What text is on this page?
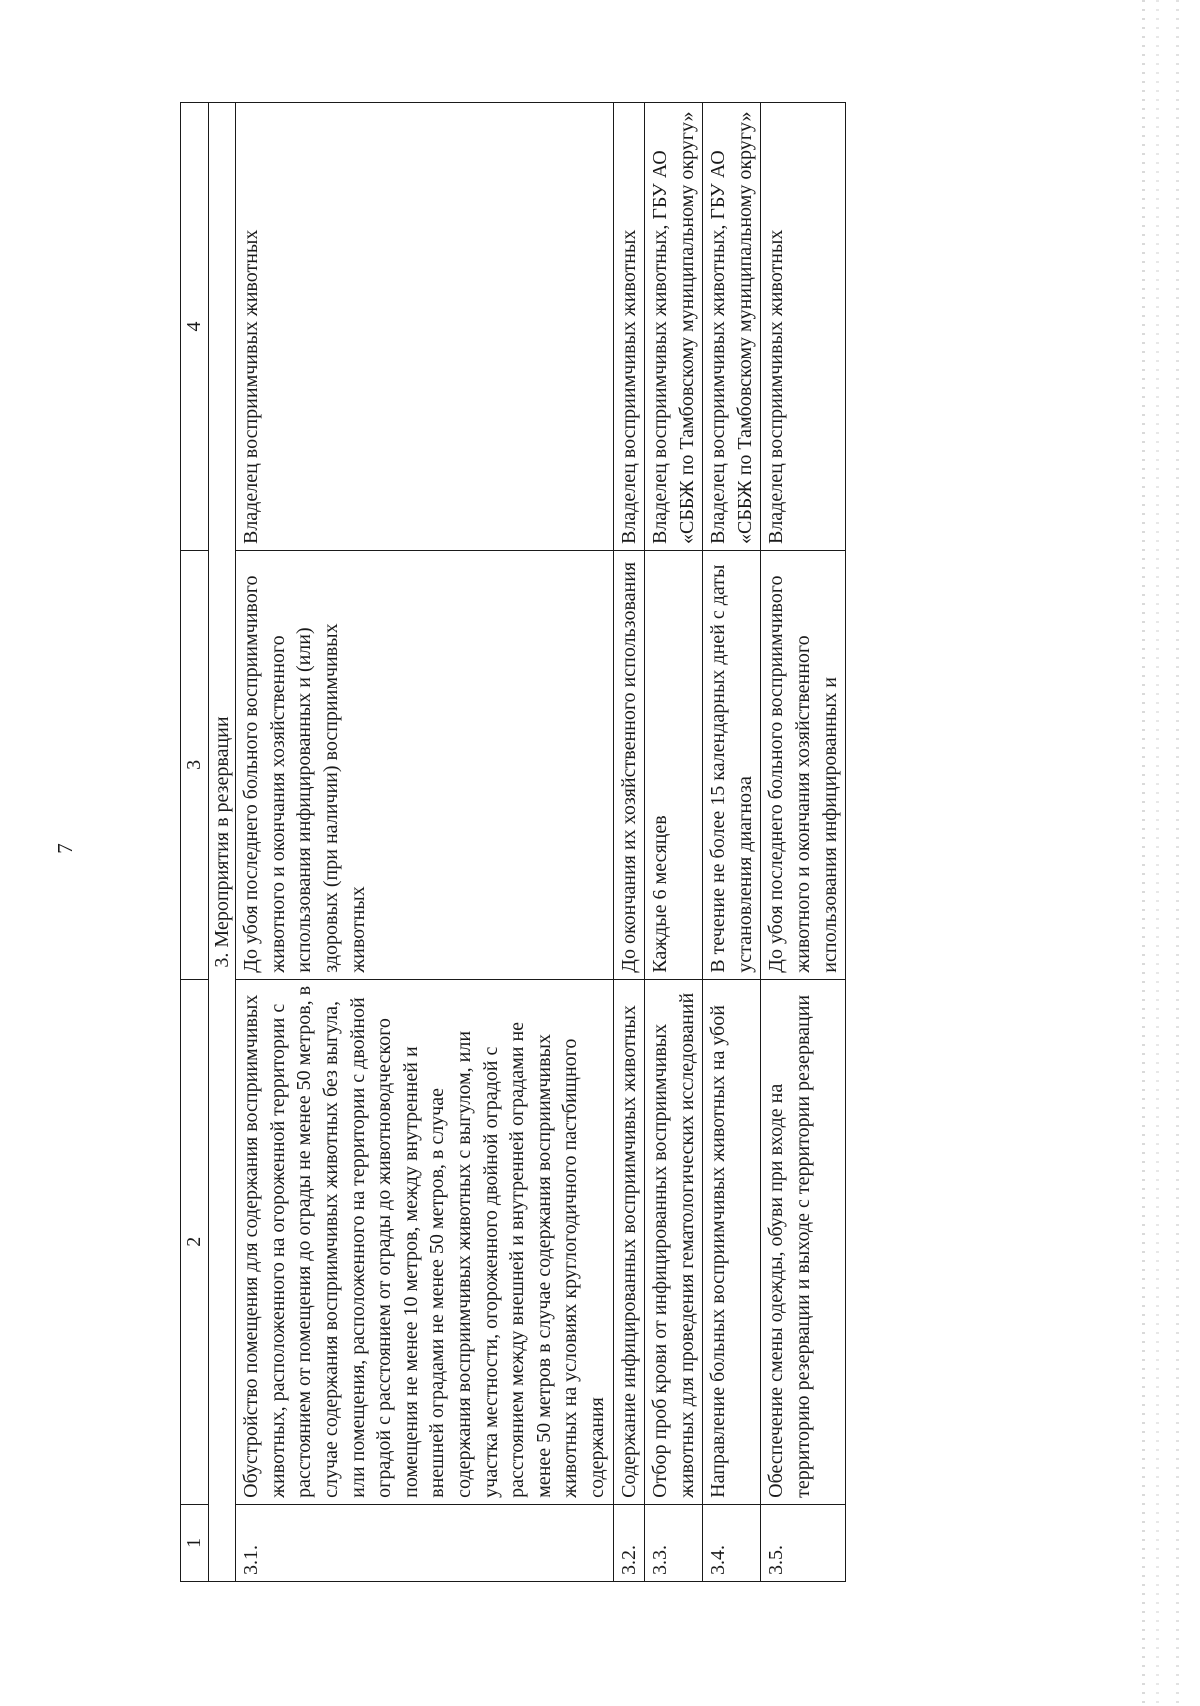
7
1	2	3	4
3. Мероприятия в резервации			
3.1.	Обустройство помещения для содержания восприимчивых животных, расположенного на огороженной территории с расстоянием от помещения до ограды не менее 50 метров, в случае содержания восприимчивых животных без выгула, или помещения, расположенного на территории с двойной оградой с расстоянием от ограды до животноводческого помещения не менее 10 метров, между внутренней и внешней оградами не менее 50 метров, в случае содержания восприимчивых животных с выгулом, или участка местности, огороженного двойной оградой с расстоянием между внешней и внутренней оградами не менее 50 метров в случае содержания восприимчивых животных на условиях круглогодичного пастбищного содержания	До убоя последнего больного восприимчивого животного и окончания хозяйственного использования инфицированных и (или) здоровых (при наличии) восприимчивых животных	Владелец восприимчивых животных
3.2.	Содержание инфицированных восприимчивых животных	До окончания их хозяйственного использования	Владелец восприимчивых животных
3.3.	Отбор проб крови от инфицированных восприимчивых животных для проведения гематологических исследований	Каждые 6 месяцев	Владелец восприимчивых животных, ГБУ АО «СББЖ по Тамбовскому муниципальному округу»
3.4.	Направление больных восприимчивых животных на убой	В течение не более 15 календарных дней с даты установления диагноза	Владелец восприимчивых животных, ГБУ АО «СББЖ по Тамбовскому муниципальному округу»
3.5.	Обеспечение смены одежды, обуви при входе на территорию резервации и выходе с территории резервации	До убоя последнего больного восприимчивого животного и окончания хозяйственного использования инфицированных и	Владелец восприимчивых животных
